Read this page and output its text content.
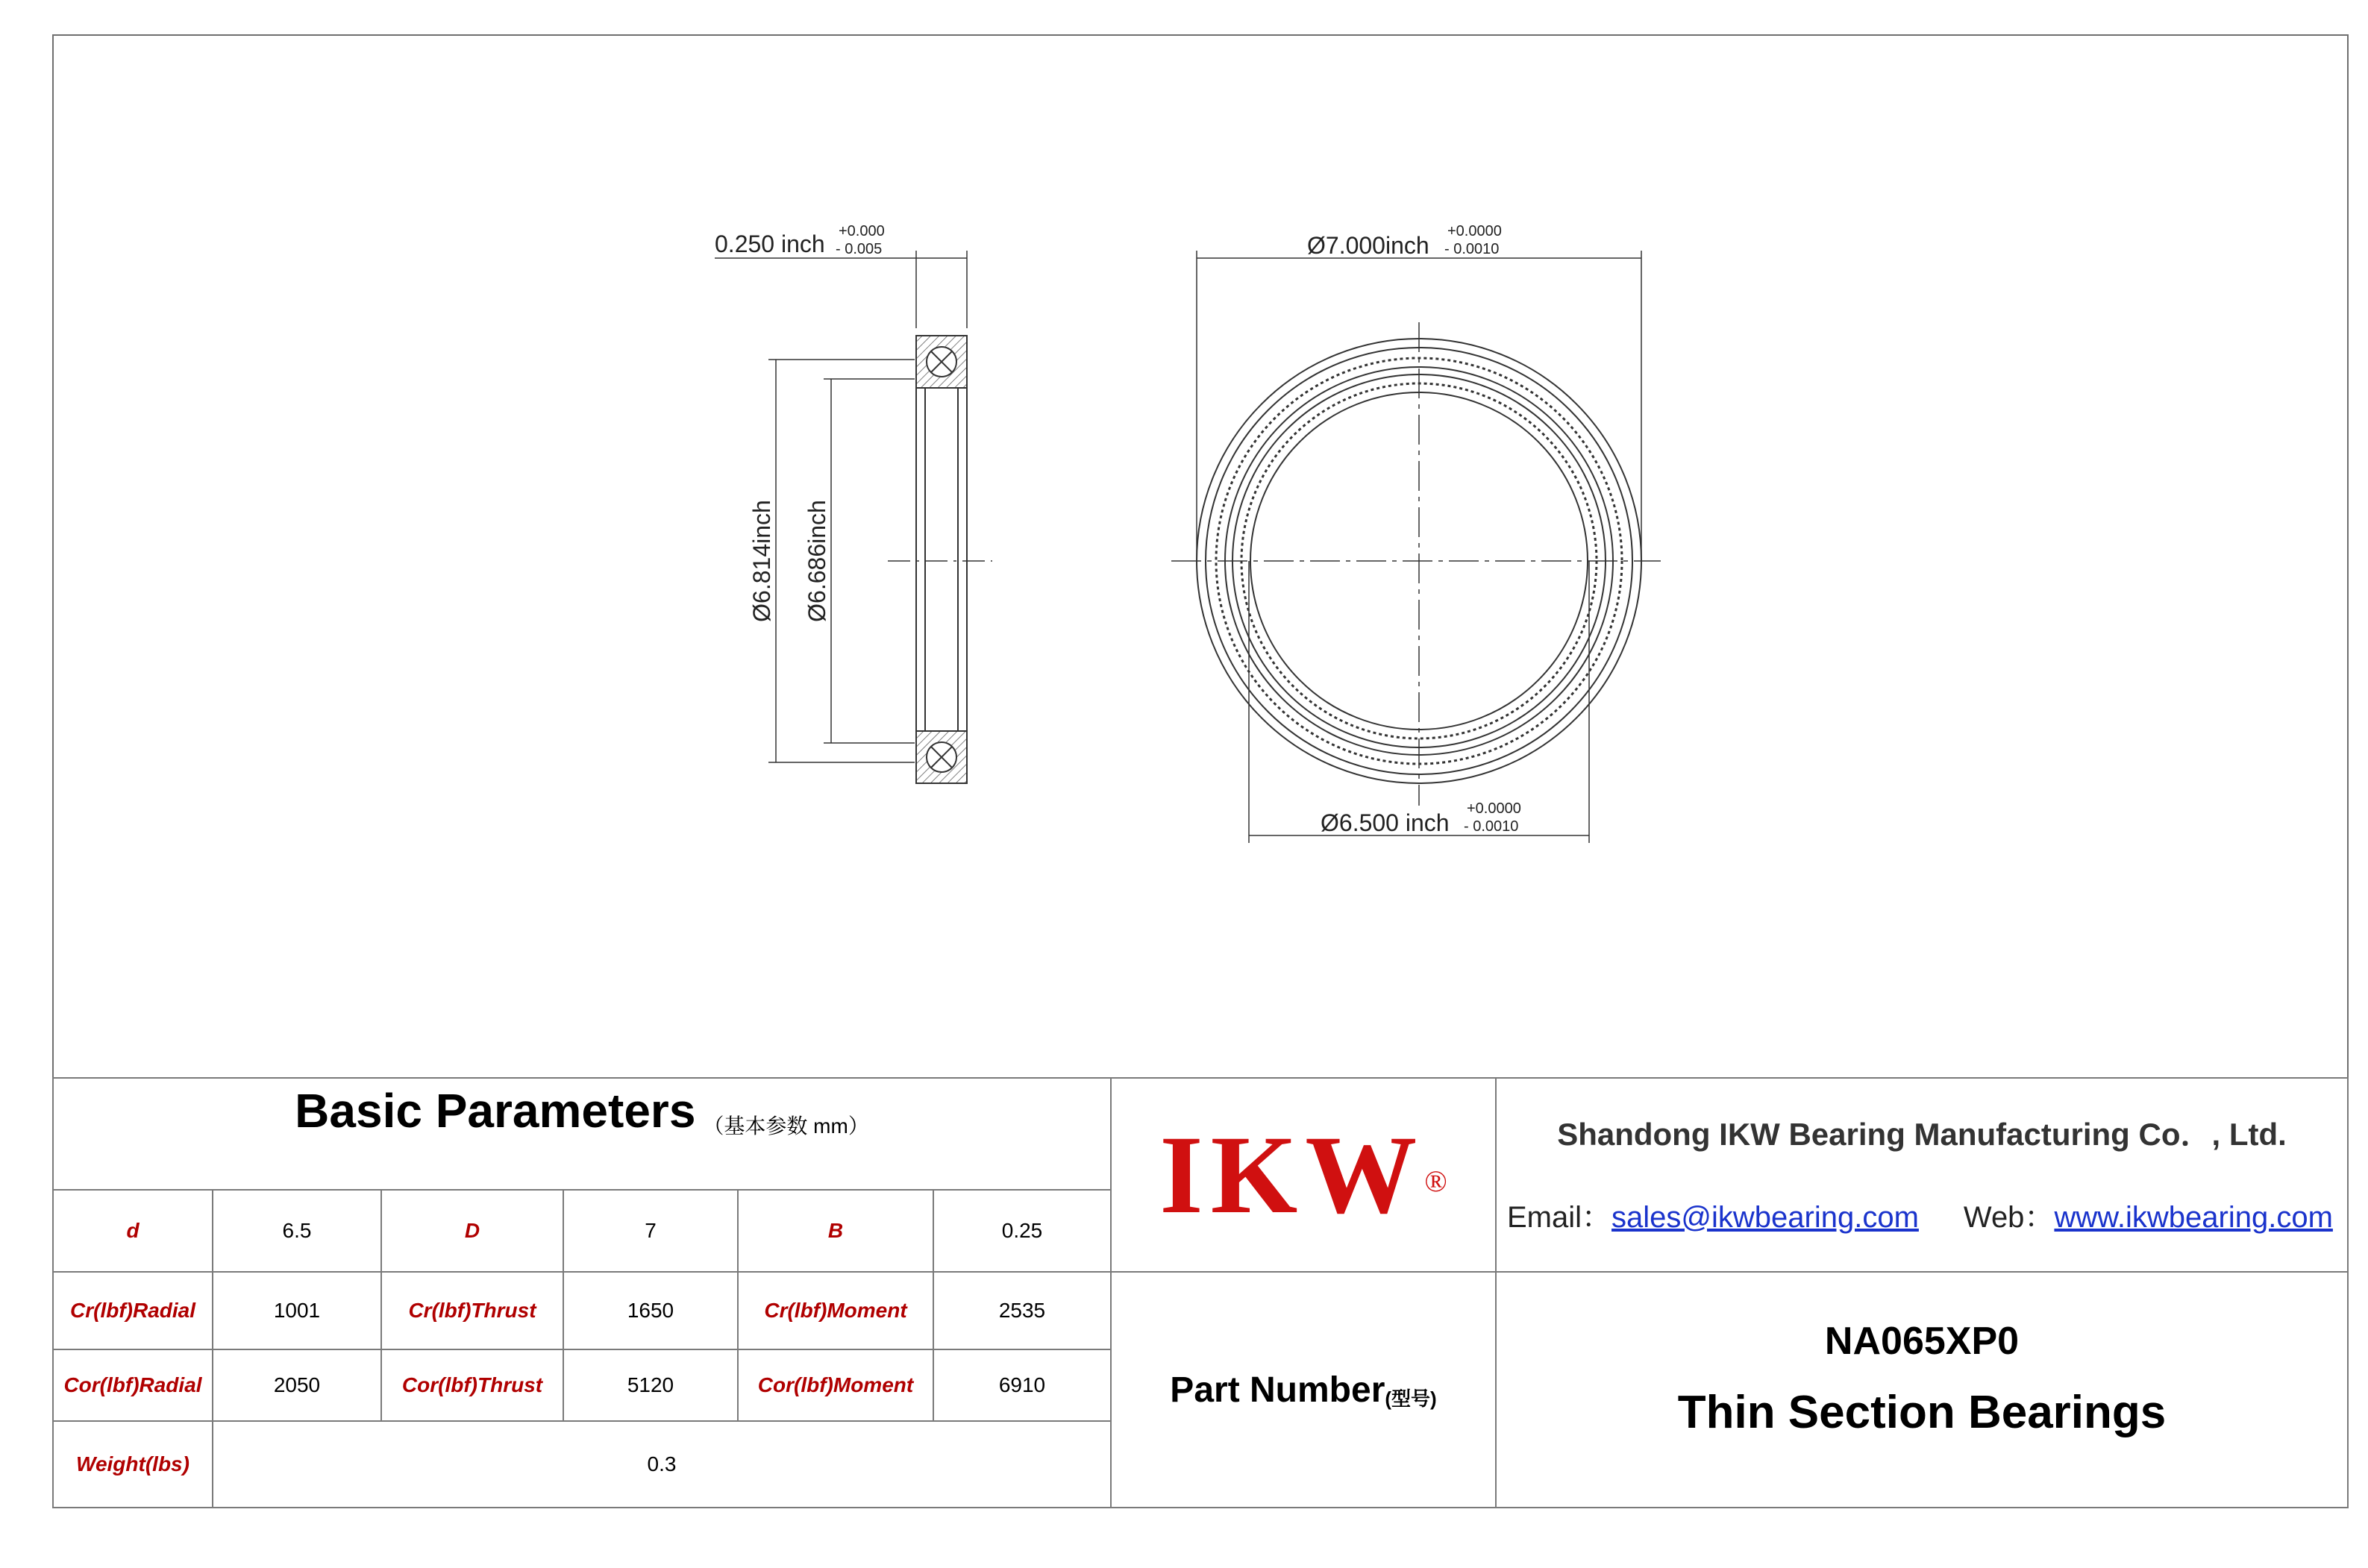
0.250 inch +0.000
- 0.005
Ø6.814inch Ø6.686inch
Ø7.000inch
+0.0000
- 0.0010
Ø6.500 inch
+0.0000
- 0.0010
Basic Parameters （基本参数 mm）
d	6.5	D	7	B	0.25
Cr(lbf)Radial	1001	Cr(lbf)Thrust	1650	Cr(lbf)Moment	2535
Cor(lbf)Radial	2050	Cor(lbf)Thrust	5120	Cor(lbf)Moment	6910
Weight(lbs)	0.3
IKW ®
Shandong IKW Bearing Manufacturing Co．, Ltd.
Email：sales@ikwbearing.com Web：www.ikwbearing.com
Part Number (型号)
NA065XP0
Thin Section Bearings
